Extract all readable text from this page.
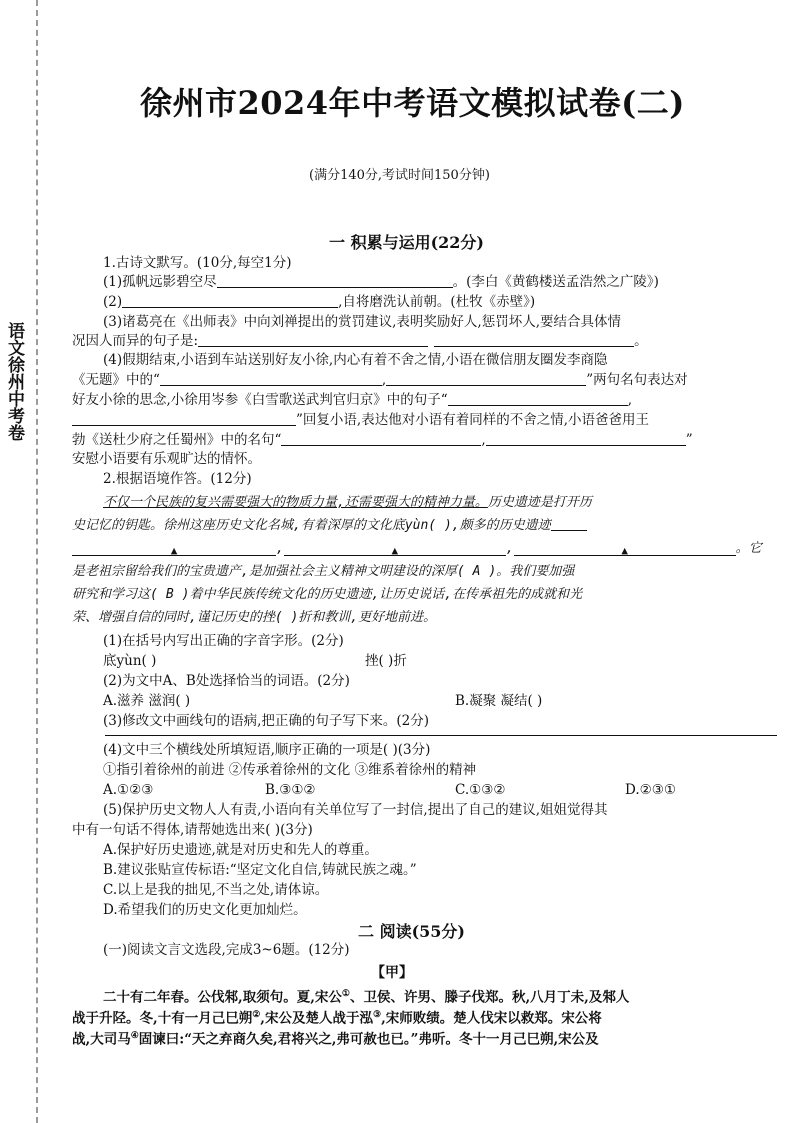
语文徐州中考卷
徐州市2024年中考语文模拟试卷(二)
(满分140分,考试时间150分钟)
一 积累与运用(22分)
1.古诗文默写。(10分,每空1分)
(1)孤帆远影碧空尽	。(李白《黄鹤楼送孟浩然之广陵》)
(2)	,自将磨洗认前朝。(杜牧《赤壁》)
(3)诸葛亮在《出师表》中向刘禅提出的赏罚建议,表明奖励好人,惩罚坏人,要结合具体情
况因人而异的句子是:	。
(4)假期结束,小语到车站送别好友小徐,内心有着不舍之情,小语在微信朋友圈发李商隐
《无题》中的“	,	”两句名句表达对
好友小徐的思念,小徐用岑参《白雪歌送武判官归京》中的句子“	,
”回复小语,表达他对小语有着同样的不舍之情,小语爸爸用王
勃《送杜少府之任蜀州》中的名句“	,	”
安慰小语要有乐观旷达的情怀。
2.根据语境作答。(12分)
不仅一个民族的复兴需要强大的物质力量,还需要强大的精神力量。历史遗迹是打开历
史记忆的钥匙。徐州这座历史文化名城,有着深厚的文化底yùn( ),颇多的历史遗迹
▲	,	▲	,	▲	。它
是老祖宗留给我们的宝贵遗产,是加强社会主义精神文明建设的深厚( A )。我们要加强
研究和学习这( B )着中华民族传统文化的历史遗迹,让历史说话,在传承祖先的成就和光
荣、增强自信的同时,谨记历史的挫( )折和教训,更好地前进。
(1)在括号内写出正确的字音字形。(2分)
底yùn( )	挫( )折
(2)为文中A、B处选择恰当的词语。(2分)
A.滋养 滋润( )	B.凝聚 凝结( )
(3)修改文中画线句的语病,把正确的句子写下来。(2分)
(4)文中三个横线处所填短语,顺序正确的一项是( )(3分)
①指引着徐州的前进 ②传承着徐州的文化 ③维系着徐州的精神
A.①②③	B.③①②	C.①③②	D.②③①
(5)保护历史文物人人有责,小语向有关单位写了一封信,提出了自己的建议,姐姐觉得其
中有一句话不得体,请帮她选出来( )(3分)
A.保护好历史遗迹,就是对历史和先人的尊重。
B.建议张贴宣传标语:“坚定文化自信,铸就民族之魂。”
C.以上是我的拙见,不当之处,请体谅。
D.希望我们的历史文化更加灿烂。
二 阅读(55分)
(一)阅读文言文选段,完成3~6题。(12分)
【甲】
二十有二年春。公伐邾,取须句。夏,宋公①、卫侯、许男、滕子伐郑。秋,八月丁未,及邾人
战于升陉。冬,十有一月己巳朔②,宋公及楚人战于泓③,宋师败绩。楚人伐宋以救郑。宋公将
战,大司马④固谏曰:“天之弃商久矣,君将兴之,弗可赦也已。”弗听。冬十一月己巳朔,宋公及
